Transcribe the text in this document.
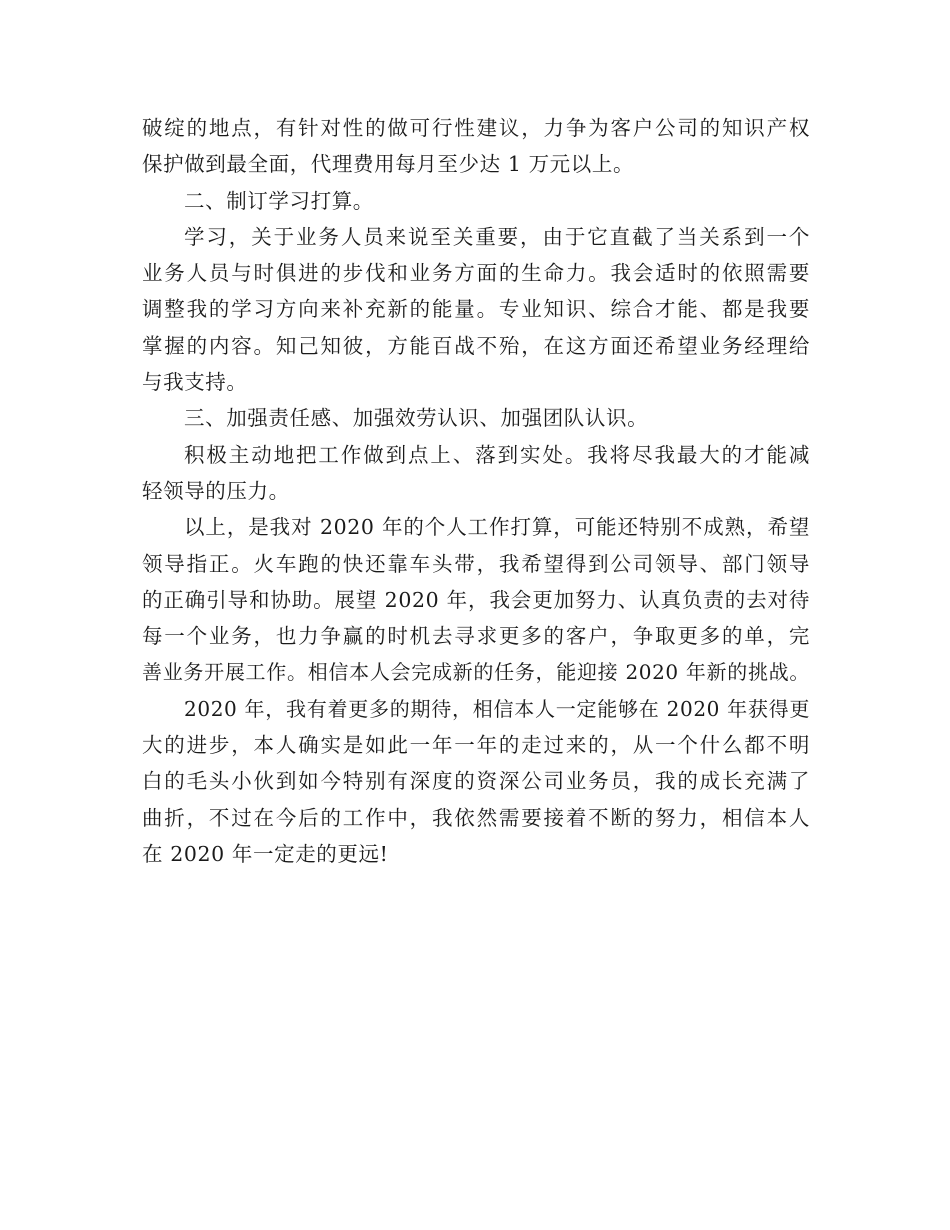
破绽的地点，有针对性的做可行性建议，力争为客户公司的知识产权
保护做到最全面，代理费用每月至少达 1 万元以上。
二、制订学习打算。
学习，关于业务人员来说至关重要，由于它直截了当关系到一个
业务人员与时俱进的步伐和业务方面的生命力。我会适时的依照需要
调整我的学习方向来补充新的能量。专业知识、综合才能、都是我要
掌握的内容。知己知彼，方能百战不殆，在这方面还希望业务经理给
与我支持。
三、加强责任感、加强效劳认识、加强团队认识。
积极主动地把工作做到点上、落到实处。我将尽我最大的才能减
轻领导的压力。
以上，是我对 2020 年的个人工作打算，可能还特别不成熟，希望
领导指正。火车跑的快还靠车头带，我希望得到公司领导、部门领导
的正确引导和协助。展望 2020 年，我会更加努力、认真负责的去对待
每一个业务，也力争赢的时机去寻求更多的客户，争取更多的单，完
善业务开展工作。相信本人会完成新的任务，能迎接 2020 年新的挑战。
2020 年，我有着更多的期待，相信本人一定能够在 2020 年获得更
大的进步，本人确实是如此一年一年的走过来的，从一个什么都不明
白的毛头小伙到如今特别有深度的资深公司业务员，我的成长充满了
曲折，不过在今后的工作中，我依然需要接着不断的努力，相信本人
在 2020 年一定走的更远!
